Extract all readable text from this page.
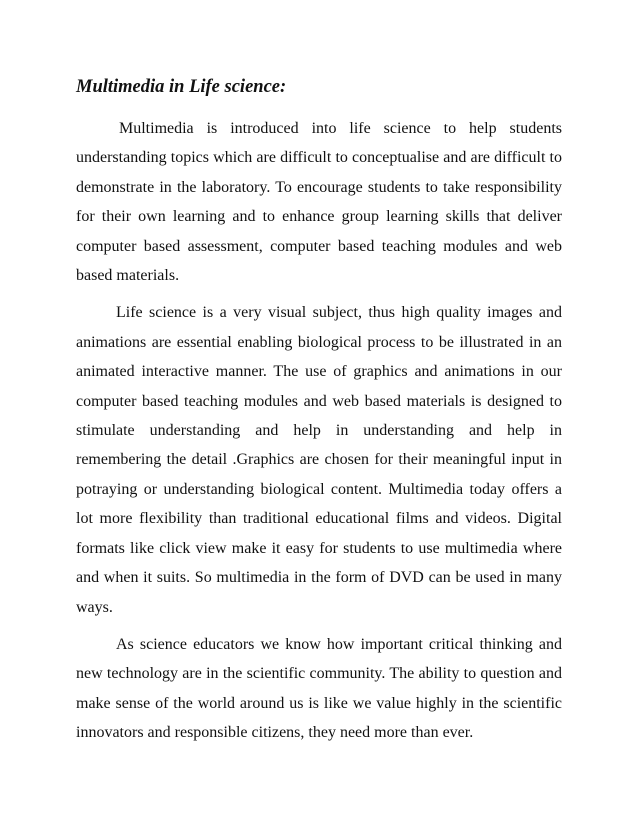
Multimedia in Life science:

Multimedia is introduced into life science to help students understanding topics which are difficult to conceptualise and are difficult to demonstrate in the laboratory. To encourage students to take responsibility for their own learning and to enhance group learning skills that deliver computer based assessment, computer based teaching modules and web based materials.

Life science is a very visual subject, thus high quality images and animations are essential enabling biological process to be illustrated in an animated interactive manner. The use of graphics and animations in our computer based teaching modules and web based materials is designed to stimulate understanding and help in understanding and help in remembering the detail .Graphics are chosen for their meaningful input in potraying or understanding biological content. Multimedia today offers a lot more flexibility than traditional educational films and videos. Digital formats like click view make it easy for students to use multimedia where and when it suits. So multimedia in the form of DVD can be used in many ways.

As science educators we know how important critical thinking and new technology are in the scientific community. The ability to question and make sense of the world around us is like we value highly in the scientific innovators and responsible citizens, they need more than ever.
